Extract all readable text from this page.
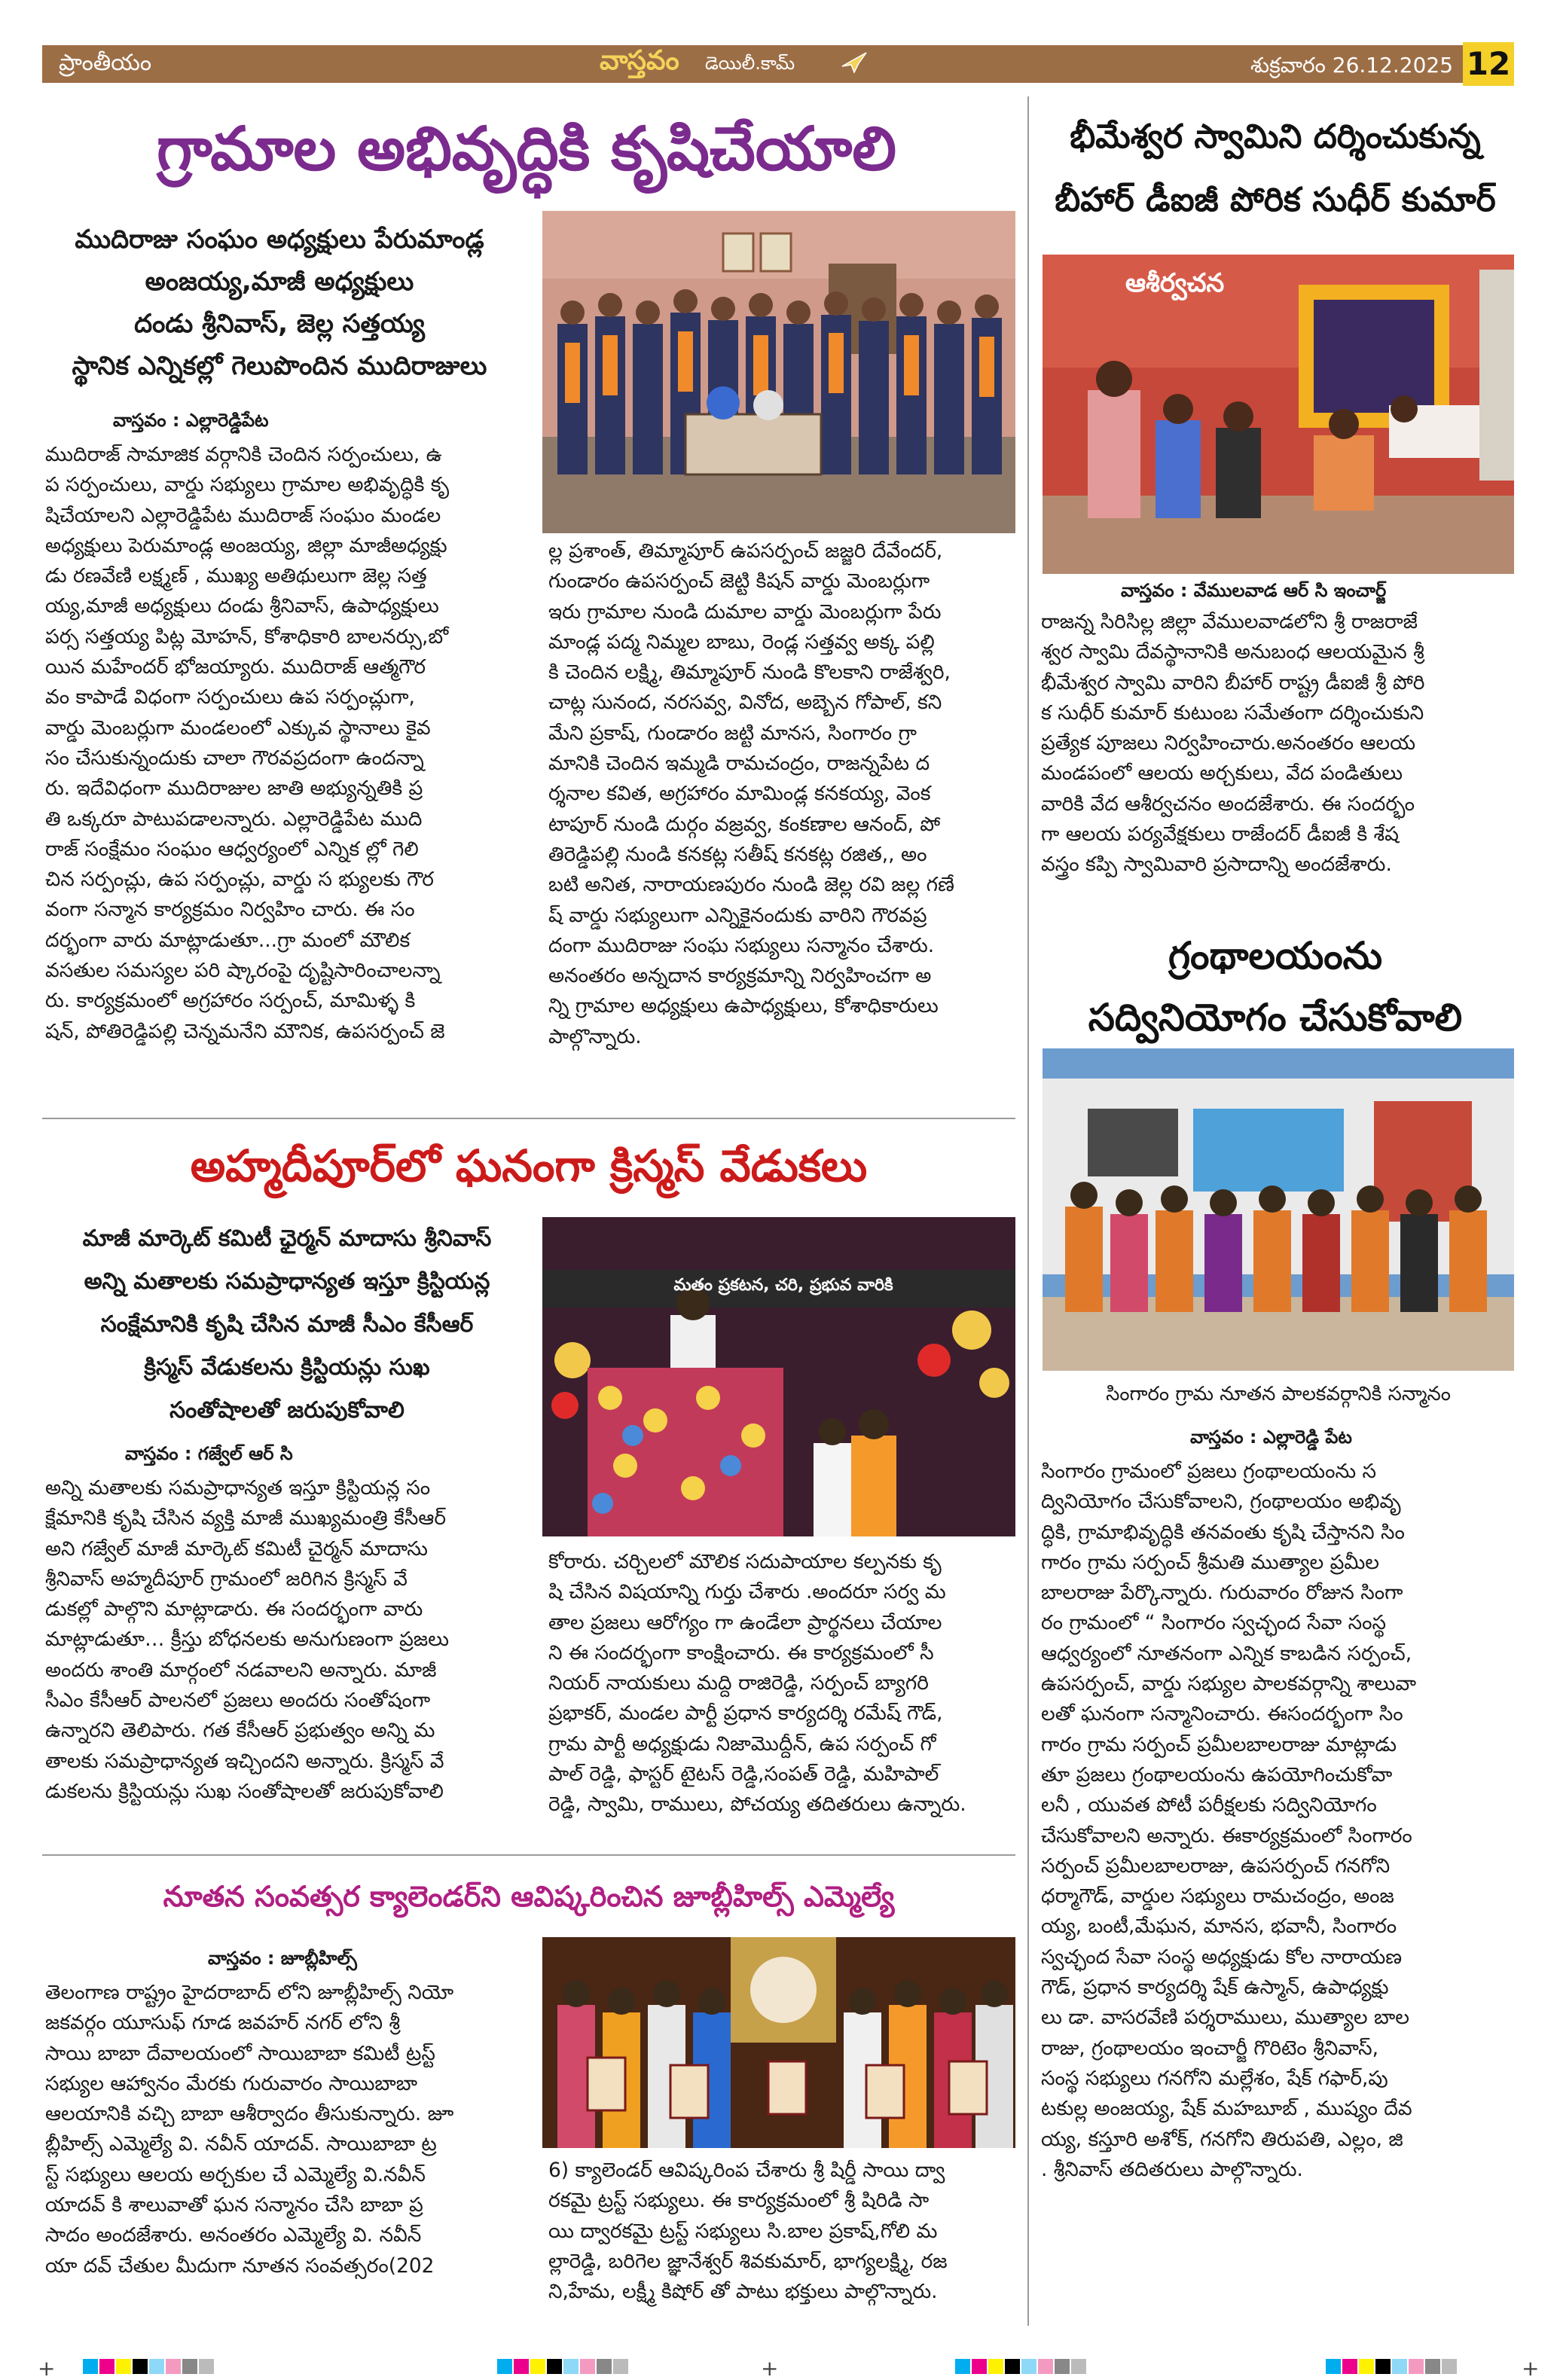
ప్రాంతీయం	వాస్తవం డెయిలీ.కామ్	శుక్రవారం 26.12.2025 12
గ్రామాల అభివృద్ధికి కృషిచేయాలి
ముదిరాజు సంఘం అధ్యక్షులు పేరుమాండ్ల
అంజయ్య,మాజీ అధ్యక్షులు
దండు శ్రీనివాస్, జెల్ల సత్తయ్య
స్థానిక ఎన్నికల్లో గెలుపొందిన ముదిరాజులు
వాస్తవం : ఎల్లారెడ్డిపేట
ముదిరాజ్ సామాజిక వర్గానికి చెందిన సర్పంచులు, ఉ
ప సర్పంచులు, వార్డు సభ్యులు గ్రామాల అభివృద్ధికి కృ
షిచేయాలని ఎల్లారెడ్డిపేట ముదిరాజ్ సంఘం మండల
అధ్యక్షులు పెరుమాండ్ల అంజయ్య, జిల్లా మాజీఅధ్యక్షు
డు రణవేణి లక్ష్మణ్ , ముఖ్య అతిథులుగా జెల్ల సత్త
య్య,మాజీ అధ్యక్షులు దండు శ్రీనివాస్, ఉపాధ్యక్షులు
పర్స సత్తయ్య పిట్ల మోహన్, కోశాధికారి బాలనర్సు,బో
యిన మహేందర్ భోజయ్యారు. ముదిరాజ్ ఆత్మగౌర
వం కాపాడే విధంగా సర్పంచులు ఉప సర్పంచ్లుగా,
వార్డు మెంబర్లుగా మండలంలో ఎక్కువ స్థానాలు కైవ
సం చేసుకున్నందుకు చాలా గౌరవప్రదంగా ఉందన్నా
రు. ఇదేవిధంగా ముదిరాజుల జాతి అభ్యున్నతికి ప్ర
తి ఒక్కరూ పాటుపడాలన్నారు. ఎల్లారెడ్డిపేట ముది
రాజ్ సంక్షేమం సంఘం ఆధ్వర్యంలో ఎన్నిక ల్లో గెలి
చిన సర్పంచ్లు, ఉప సర్పంచ్లు, వార్డు స భ్యులకు గౌర
వంగా సన్మాన కార్యక్రమం నిర్వహిం చారు. ఈ సం
దర్భంగా వారు మాట్లాడుతూ...గ్రా మంలో మౌలిక
వసతుల సమస్యల పరి ష్కారంపై దృష్టిసారించాలన్నా
రు. కార్యక్రమంలో అగ్రహారం సర్పంచ్, మామిళ్ళ కి
షన్, పోతిరెడ్డిపల్లి చెన్నమనేని మౌనిక, ఉపసర్పంచ్ జె
ల్ల ప్రశాంత్, తిమ్మాపూర్ ఉపసర్పంచ్ జజ్జరి దేవేందర్,
గుండారం ఉపసర్పంచ్ జెట్టి కిషన్ వార్డు మెంబర్లుగా
ఇరు గ్రామాల నుండి దుమాల వార్డు మెంబర్లుగా పేరు
మాండ్ల పద్మ నిమ్మల బాబు, రెండ్ల సత్తవ్వ అక్క పల్లి
కి చెందిన లక్ష్మి, తిమ్మాపూర్ నుండి కొలకాని రాజేశ్వరి,
చాట్ల సునంద, నరసవ్వ, వినోద, అబ్బెన గోపాల్, కని
మేని ప్రకాష్, గుండారం జట్టి మానస, సింగారం గ్రా
మానికి చెందిన ఇమ్మడి రామచంద్రం, రాజన్నపేట ద
ర్శనాల కవిత, అగ్రహారం మామిండ్ల కనకయ్య, వెంక
టాపూర్ నుండి దుర్గం వజ్రవ్వ, కంకణాల ఆనంద్, పో
తిరెడ్డిపల్లి నుండి కనకట్ల సతీష్ కనకట్ల రజిత,, అం
బటి అనిత, నారాయణపురం నుండి జెల్ల రవి జల్ల గణే
ష్ వార్డు సభ్యులుగా ఎన్నికైనందుకు వారిని గౌరవప్ర
దంగా ముదిరాజు సంఘ సభ్యులు సన్మానం చేశారు.
అనంతరం అన్నదాన కార్యక్రమాన్ని నిర్వహించగా అ
న్ని గ్రామాల అధ్యక్షులు ఉపాధ్యక్షులు, కోశాధికారులు
పాల్గొన్నారు.
భీమేశ్వర స్వామిని దర్శించుకున్న
బీహార్ డీఐజీ పోరిక సుధీర్ కుమార్
ఆశీర్వచన
వాస్తవం : వేములవాడ ఆర్ సి ఇంచార్జ్
రాజన్న సిరిసిల్ల జిల్లా వేములవాడలోని శ్రీ రాజరాజే
శ్వర స్వామి దేవస్థానానికి అనుబంధ ఆలయమైన శ్రీ
భీమేశ్వర స్వామి వారిని బీహార్ రాష్ట్ర డీఐజీ శ్రీ పోరి
క సుధీర్ కుమార్ కుటుంబ సమేతంగా దర్శించుకుని
ప్రత్యేక పూజలు నిర్వహించారు.అనంతరం ఆలయ
మండపంలో ఆలయ అర్చకులు, వేద పండితులు
వారికి వేద ఆశీర్వచనం అందజేశారు. ఈ సందర్భం
గా ఆలయ పర్యవేక్షకులు రాజేందర్ డీఐజీ కి శేష
వస్త్రం కప్పి స్వామివారి ప్రసాదాన్ని అందజేశారు.
గ్రంథాలయంను
సద్వినియోగం చేసుకోవాలి
సింగారం గ్రామ నూతన పాలకవర్గానికి సన్మానం
వాస్తవం : ఎల్లారెడ్డి పేట
సింగారం గ్రామంలో ప్రజలు గ్రంథాలయంను స
ద్వినియోగం చేసుకోవాలని, గ్రంథాలయం అభివృ
ద్ధికి, గ్రామాభివృద్ధికి తనవంతు కృషి చేస్తానని సిం
గారం గ్రామ సర్పంచ్ శ్రీమతి ముత్యాల ప్రమీల
బాలరాజు పేర్కొన్నారు. గురువారం రోజున సింగా
రం గ్రామంలో “ సింగారం స్వచ్ఛంద సేవా సంస్థ
ఆధ్వర్యంలో నూతనంగా ఎన్నిక కాబడిన సర్పంచ్,
ఉపసర్పంచ్, వార్డు సభ్యుల పాలకవర్గాన్ని శాలువా
లతో ఘనంగా సన్మానించారు. ఈసందర్భంగా సిం
గారం గ్రామ సర్పంచ్ ప్రమీలబాలరాజు మాట్లాడు
తూ ప్రజలు గ్రంథాలయంను ఉపయోగించుకోవా
లనీ , యువత పోటీ పరీక్షలకు సద్వినియోగం
చేసుకోవాలని అన్నారు. ఈకార్యక్రమంలో సింగారం
సర్పంచ్ ప్రమీలబాలరాజు, ఉపసర్పంచ్ గనగోని
ధర్మాగౌడ్, వార్డుల సభ్యులు రామచంద్రం, అంజ
య్య, బంటీ,మేఘన, మానస, భవానీ, సింగారం
స్వచ్ఛంద సేవా సంస్థ అధ్యక్షుడు కోల నారాయణ
గౌడ్, ప్రధాన కార్యదర్శి షేక్ ఉస్మాన్, ఉపాధ్యక్షు
లు డా. వాసరవేణి పర్శరాములు, ముత్యాల బాల
రాజు, గ్రంథాలయం ఇంచార్జీ గొరిటెం శ్రీనివాస్,
సంస్థ సభ్యులు గనగోని మల్లేశం, షేక్ గఫార్,పు
టకుల్ల అంజయ్య, షేక్ మహబూబ్ , ముష్యం దేవ
య్య, కస్తూరి అశోక్, గనగోని తిరుపతి, ఎల్లం, జి
. శ్రీనివాస్ తదితరులు పాల్గొన్నారు.
అహ్మదీపూర్‌లో ఘనంగా క్రిస్మస్ వేడుకలు
మాజీ మార్కెట్ కమిటీ ఛైర్మన్ మాదాసు శ్రీనివాస్
అన్ని మతాలకు సమప్రాధాన్యత ఇస్తూ క్రిస్టియన్ల
సంక్షేమానికి కృషి చేసిన మాజీ సీఎం కేసీఆర్
క్రిస్మస్ వేడుకలను క్రిస్టియన్లు సుఖ
సంతోషాలతో జరుపుకోవాలి
మతం ప్రకటన, చరి, ప్రభువ వారికి
వాస్తవం : గజ్వేల్ ఆర్ సి
అన్ని మతాలకు సమప్రాధాన్యత ఇస్తూ క్రిస్టియన్ల సం
క్షేమానికి కృషి చేసిన వ్యక్తి మాజీ ముఖ్యమంత్రి కేసీఆర్
అని గజ్వేల్ మాజీ మార్కెట్ కమిటీ చైర్మన్ మాదాసు
శ్రీనివాస్ అహ్మదీపూర్ గ్రామంలో జరిగిన క్రిస్మస్ వే
డుకల్లో పాల్గొని మాట్లాడారు. ఈ సందర్భంగా వారు
మాట్లాడుతూ… క్రీస్తు బోధనలకు అనుగుణంగా ప్రజలు
అందరు శాంతి మార్గంలో నడవాలని అన్నారు. మాజీ
సీఎం కేసీఆర్ పాలనలో ప్రజలు అందరు సంతోషంగా
ఉన్నారని తెలిపారు. గత కేసీఆర్ ప్రభుత్వం అన్ని మ
తాలకు సమప్రాధాన్యత ఇచ్చిందని అన్నారు. క్రిస్మస్ వే
డుకలను క్రిస్టియన్లు సుఖ సంతోషాలతో జరుపుకోవాలి
కోరారు. చర్చిలలో మౌలిక సదుపాయాల కల్పనకు కృ
షి చేసిన విషయాన్ని గుర్తు చేశారు .అందరూ సర్వ మ
తాల ప్రజలు ఆరోగ్యం గా ఉండేలా ప్రార్థనలు చేయాల
ని ఈ సందర్భంగా కాంక్షించారు. ఈ కార్యక్రమంలో సీ
నియర్ నాయకులు మద్ది రాజిరెడ్డి, సర్పంచ్ బ్యాగరి
ప్రభాకర్, మండల పార్టీ ప్రధాన కార్యదర్శి రమేష్ గౌడ్,
గ్రామ పార్టీ అధ్యక్షుడు నిజామొద్దీన్, ఉప సర్పంచ్ గో
పాల్ రెడ్డి, ఫాస్టర్ టైటస్ రెడ్డి,సంపత్ రెడ్డి, మహిపాల్
రెడ్డి, స్వామి, రాములు, పోచయ్య తదితరులు ఉన్నారు.
నూతన సంవత్సర క్యాలెండర్‌ని ఆవిష్కరించిన జూబ్లీహిల్స్ ఎమ్మెల్యే
వాస్తవం : జూబ్లీహిల్స్
తెలంగాణ రాష్ట్రం హైదరాబాద్ లోని జూబ్లీహిల్స్ నియో
జకవర్గం యూసుఫ్ గూడ జవహర్ నగర్ లోని శ్రీ
సాయి బాబా దేవాలయంలో సాయిబాబా కమిటీ ట్రస్ట్
సభ్యుల ఆహ్వానం మేరకు గురువారం సాయిబాబా
ఆలయానికి వచ్చి బాబా ఆశీర్వాదం తీసుకున్నారు. జూ
బ్లీహిల్స్ ఎమ్మెల్యే వి. నవీన్ యాదవ్. సాయిబాబా ట్ర
స్ట్ సభ్యులు ఆలయ అర్చకుల చే ఎమ్మెల్యే వి.నవీన్
యాదవ్ కి శాలువాతో ఘన సన్మానం చేసి బాబా ప్ర
సాదం అందజేశారు. అనంతరం ఎమ్మెల్యే వి. నవీన్
యా దవ్ చేతుల మీదుగా నూతన సంవత్సరం(202
6) క్యాలెండర్ ఆవిష్కరింప చేశారు శ్రీ షిర్డీ సాయి ద్వా
రకమై ట్రస్ట్ సభ్యులు. ఈ కార్యక్రమంలో శ్రీ షిరిడి సా
యి ద్వారకమై ట్రస్ట్ సభ్యులు సి.బాల ప్రకాష్,గోలి మ
ల్లారెడ్డి, బరిగెల జ్ఞానేశ్వర్ శివకుమార్, భాగ్యలక్ష్మి, రజ
ని,హేమ, లక్ష్మీ కిషోర్ తో పాటు భక్తులు పాల్గొన్నారు.
+	+	+
